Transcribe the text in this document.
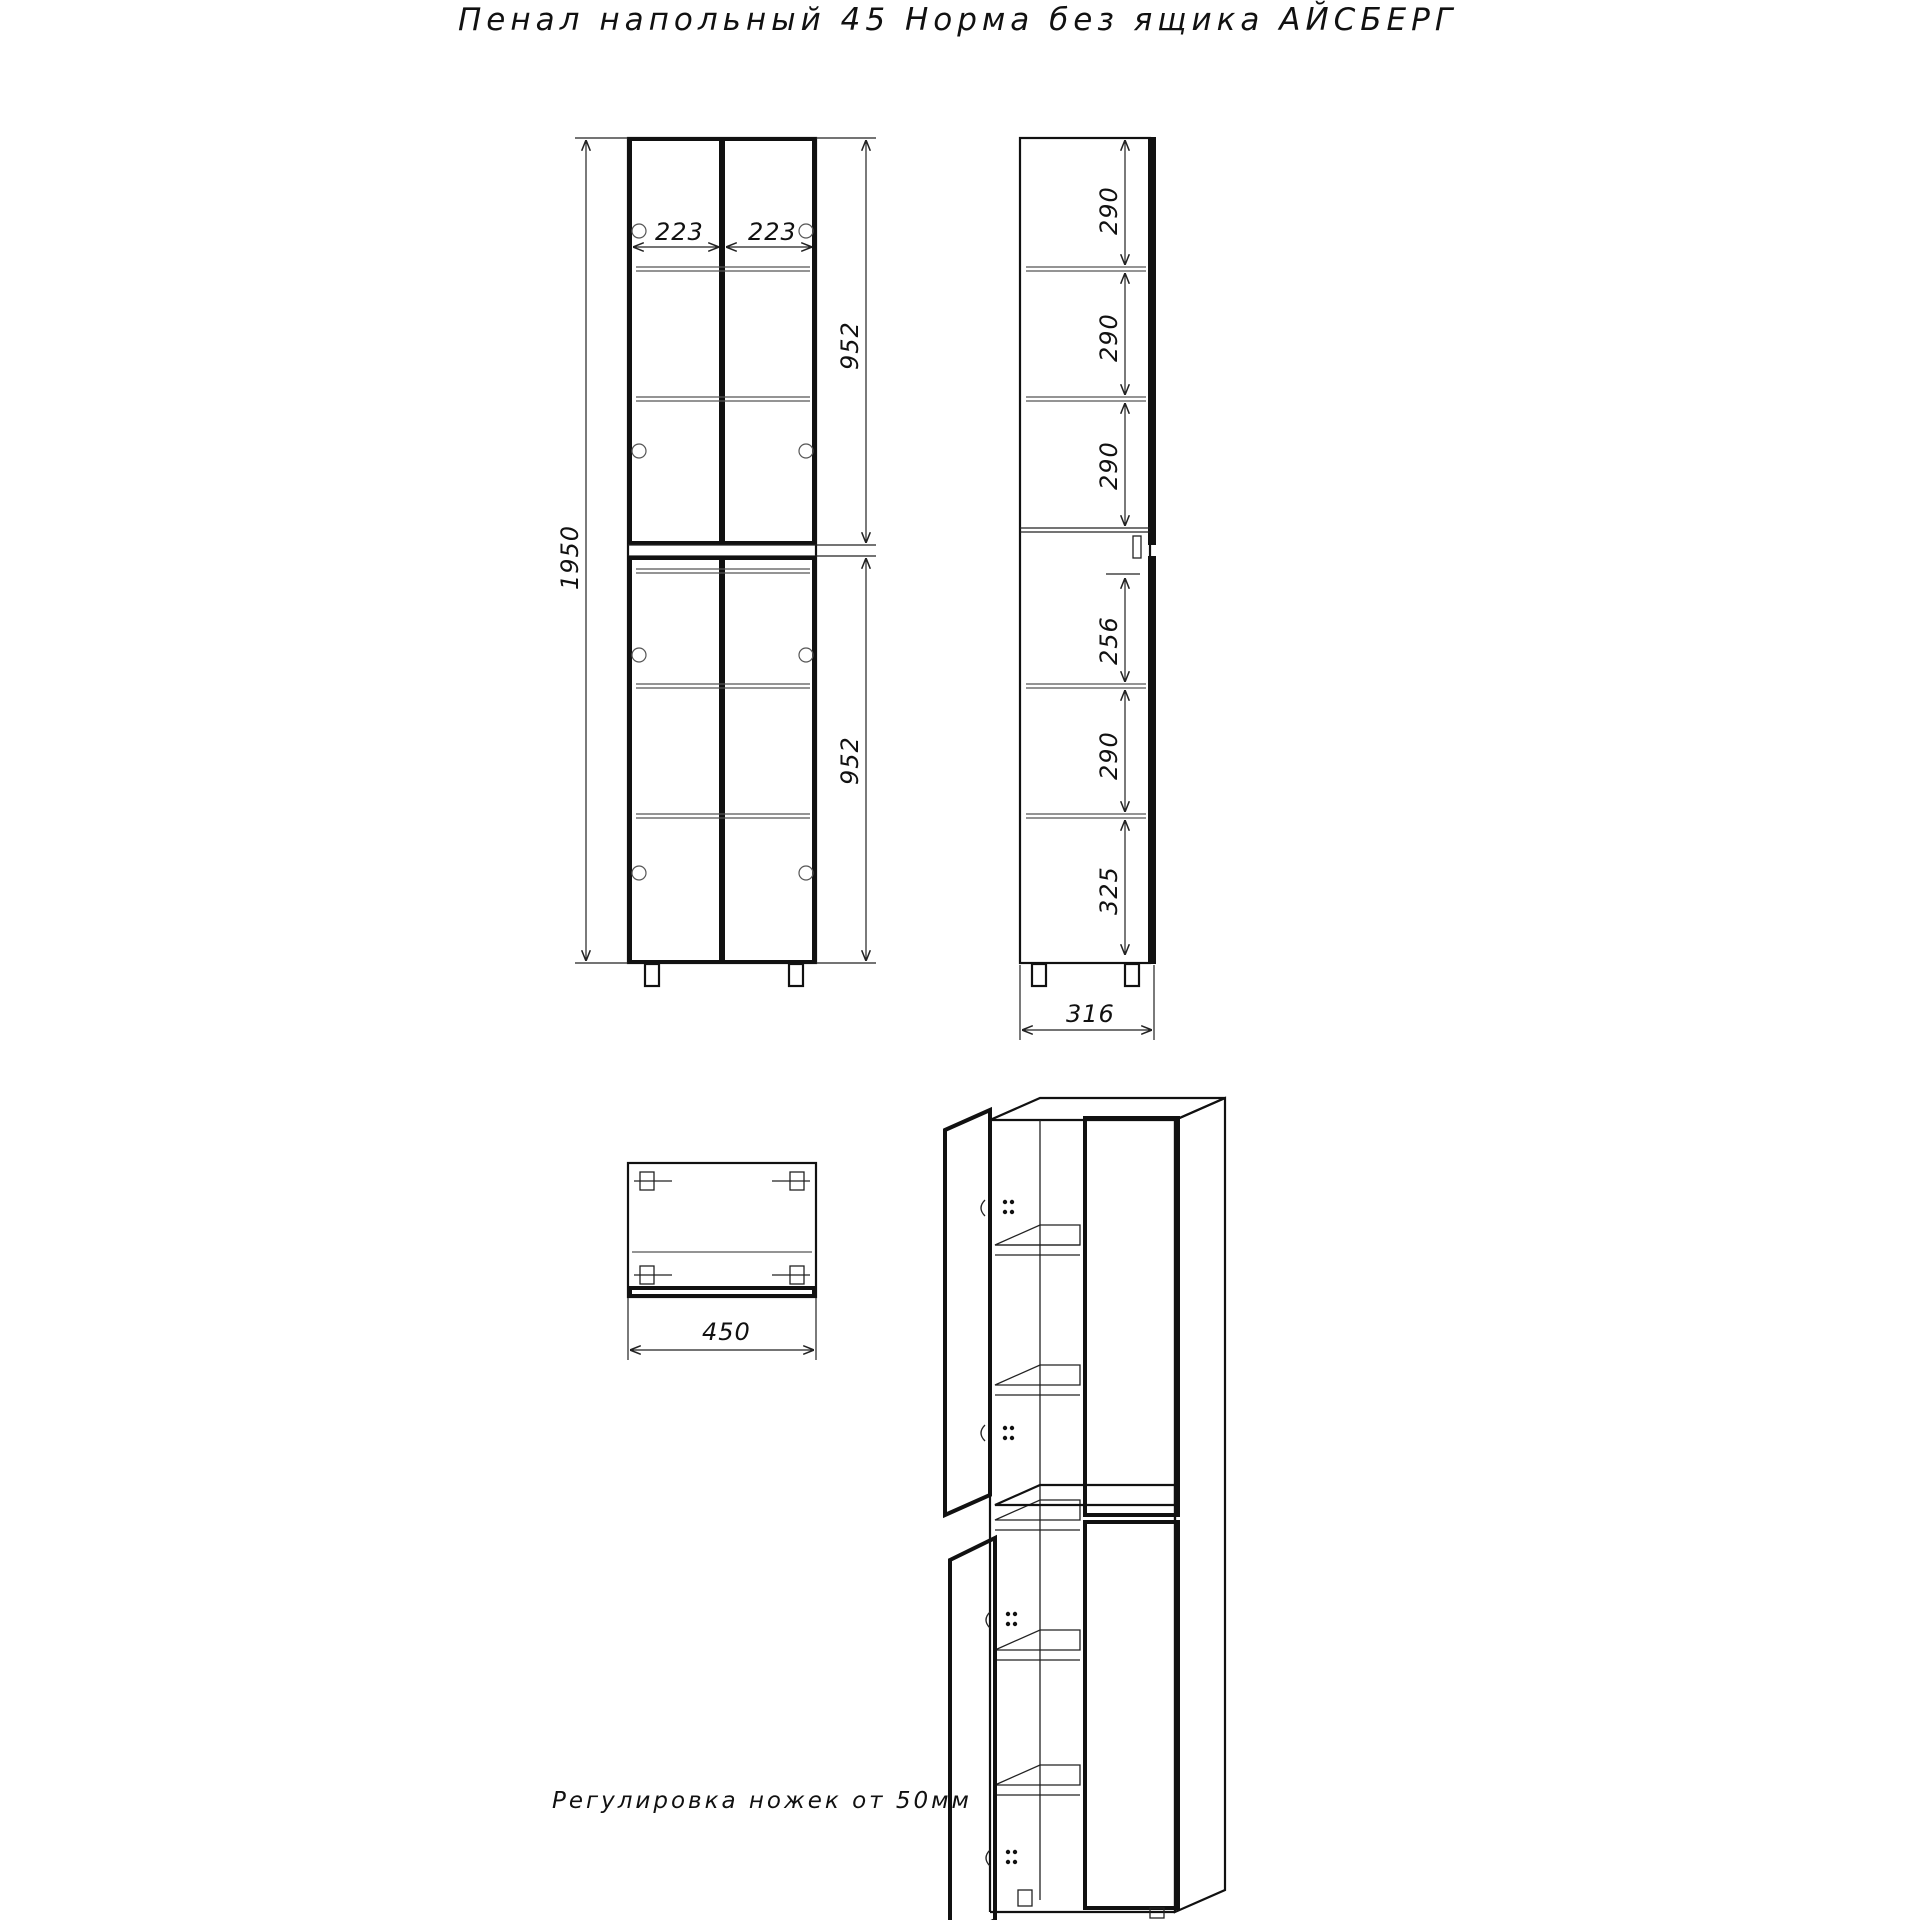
Пенал напольный 45 Норма без ящика АЙСБЕРГ
223 223
1950
952
952
290
290
290
256
290
325
316
450
Регулировка ножек от 50мм
